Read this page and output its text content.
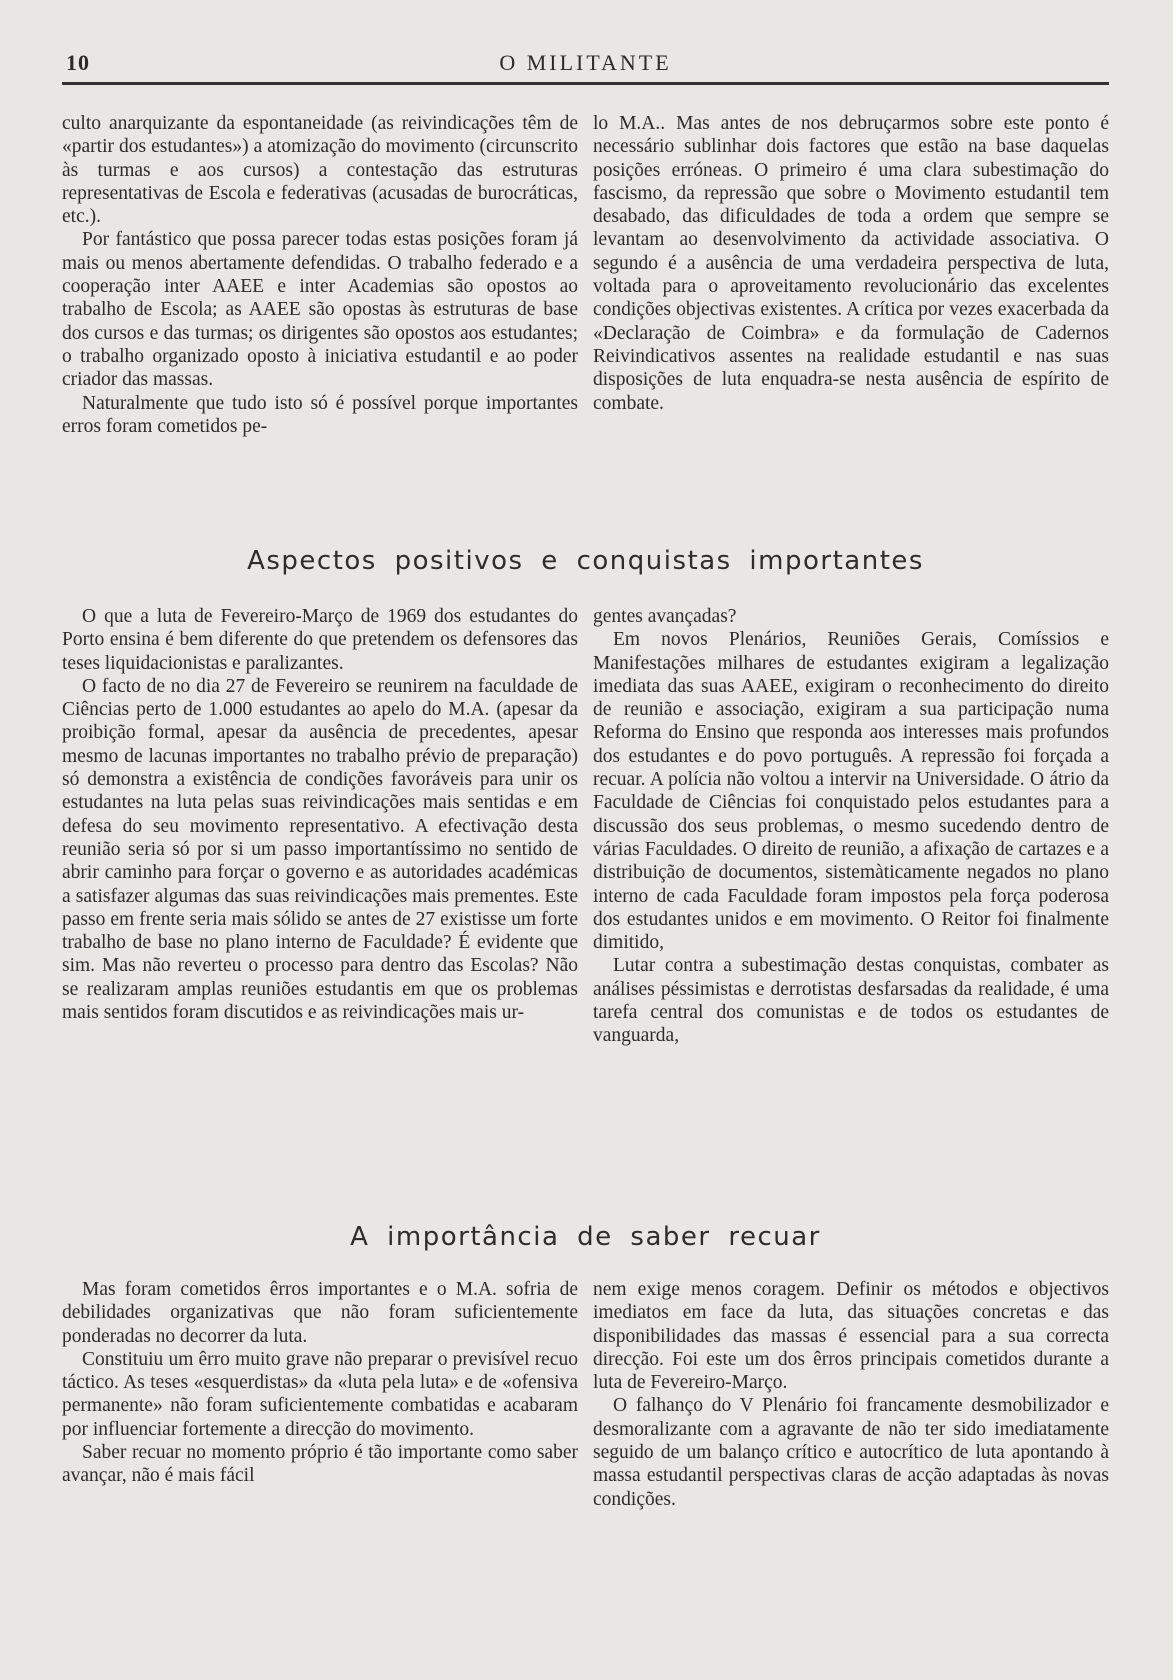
10	O MILITANTE

culto anarquizante da espontaneidade (as reivindicações têm de «partir dos estudantes») a atomização do movimento (circunscrito às turmas e aos cursos) a contestação das estruturas representativas de Escola e federativas (acusadas de burocráticas, etc.).

Por fantástico que possa parecer todas estas posições foram já mais ou menos abertamente defendidas. O trabalho federado e a cooperação inter AAEE e inter Academias são opostos ao trabalho de Escola; as AAEE são opostas às estruturas de base dos cursos e das turmas; os dirigentes são opostos aos estudantes; o trabalho organizado oposto à iniciativa estudantil e ao poder criador das massas.

Naturalmente que tudo isto só é possível porque importantes erros foram cometidos pe-

lo M.A.. Mas antes de nos debruçarmos sobre este ponto é necessário sublinhar dois factores que estão na base daquelas posições erróneas. O primeiro é uma clara subestimação do fascismo, da repressão que sobre o Movimento estudantil tem desabado, das dificuldades de toda a ordem que sempre se levantam ao desenvolvimento da actividade associativa. O segundo é a ausência de uma verdadeira perspectiva de luta, voltada para o aproveitamento revolucionário das excelentes condições objectivas existentes. A crítica por vezes exacerbada da «Declaração de Coimbra» e da formulação de Cadernos Reivindicativos assentes na realidade estudantil e nas suas disposições de luta enquadra-se nesta ausência de espírito de combate.

Aspectos positivos e conquistas importantes

O que a luta de Fevereiro-Março de 1969 dos estudantes do Porto ensina é bem diferente do que pretendem os defensores das teses liquidacionistas e paralizantes.

O facto de no dia 27 de Fevereiro se reunirem na faculdade de Ciências perto de 1.000 estudantes ao apelo do M.A. (apesar da proibição formal, apesar da ausência de precedentes, apesar mesmo de lacunas importantes no trabalho prévio de preparação) só demonstra a existência de condições favoráveis para unir os estudantes na luta pelas suas reivindicações mais sentidas e em defesa do seu movimento representativo. A efectivação desta reunião seria só por si um passo importantíssimo no sentido de abrir caminho para forçar o governo e as autoridades académicas a satisfazer algumas das suas reivindicações mais prementes. Este passo em frente seria mais sólido se antes de 27 existisse um forte trabalho de base no plano interno de Faculdade? É evidente que sim. Mas não reverteu o processo para dentro das Escolas? Não se realizaram amplas reuniões estudantis em que os problemas mais sentidos foram discutidos e as reivindicações mais ur-

gentes avançadas?

Em novos Plenários, Reuniões Gerais, Comíssios e Manifestações milhares de estudantes exigiram a legalização imediata das suas AAEE, exigiram o reconhecimento do direito de reunião e associação, exigiram a sua participação numa Reforma do Ensino que responda aos interesses mais profundos dos estudantes e do povo português. A repressão foi forçada a recuar. A polícia não voltou a intervir na Universidade. O átrio da Faculdade de Ciências foi conquistado pelos estudantes para a discussão dos seus problemas, o mesmo sucedendo dentro de várias Faculdades. O direito de reunião, a afixação de cartazes e a distribuição de documentos, sistemàticamente negados no plano interno de cada Faculdade foram impostos pela força poderosa dos estudantes unidos e em movimento. O Reitor foi finalmente dimitido,

Lutar contra a subestimação destas conquistas, combater as análises péssimistas e derrotistas desfarsadas da realidade, é uma tarefa central dos comunistas e de todos os estudantes de vanguarda,

A importância de saber recuar

Mas foram cometidos êrros importantes e o M.A. sofria de debilidades organizativas que não foram suficientemente ponderadas no decorrer da luta.

Constituiu um êrro muito grave não preparar o previsível recuo táctico. As teses «esquerdistas» da «luta pela luta» e de «ofensiva permanente» não foram suficientemente combatidas e acabaram por influenciar fortemente a direcção do movimento.

Saber recuar no momento próprio é tão importante como saber avançar, não é mais fácil

nem exige menos coragem. Definir os métodos e objectivos imediatos em face da luta, das situações concretas e das disponibilidades das massas é essencial para a sua correcta direcção. Foi este um dos êrros principais cometidos durante a luta de Fevereiro-Março.

O falhanço do V Plenário foi francamente desmobilizador e desmoralizante com a agravante de não ter sido imediatamente seguido de um balanço crítico e autocrítico de luta apontando à massa estudantil perspectivas claras de acção adaptadas às novas condições.
